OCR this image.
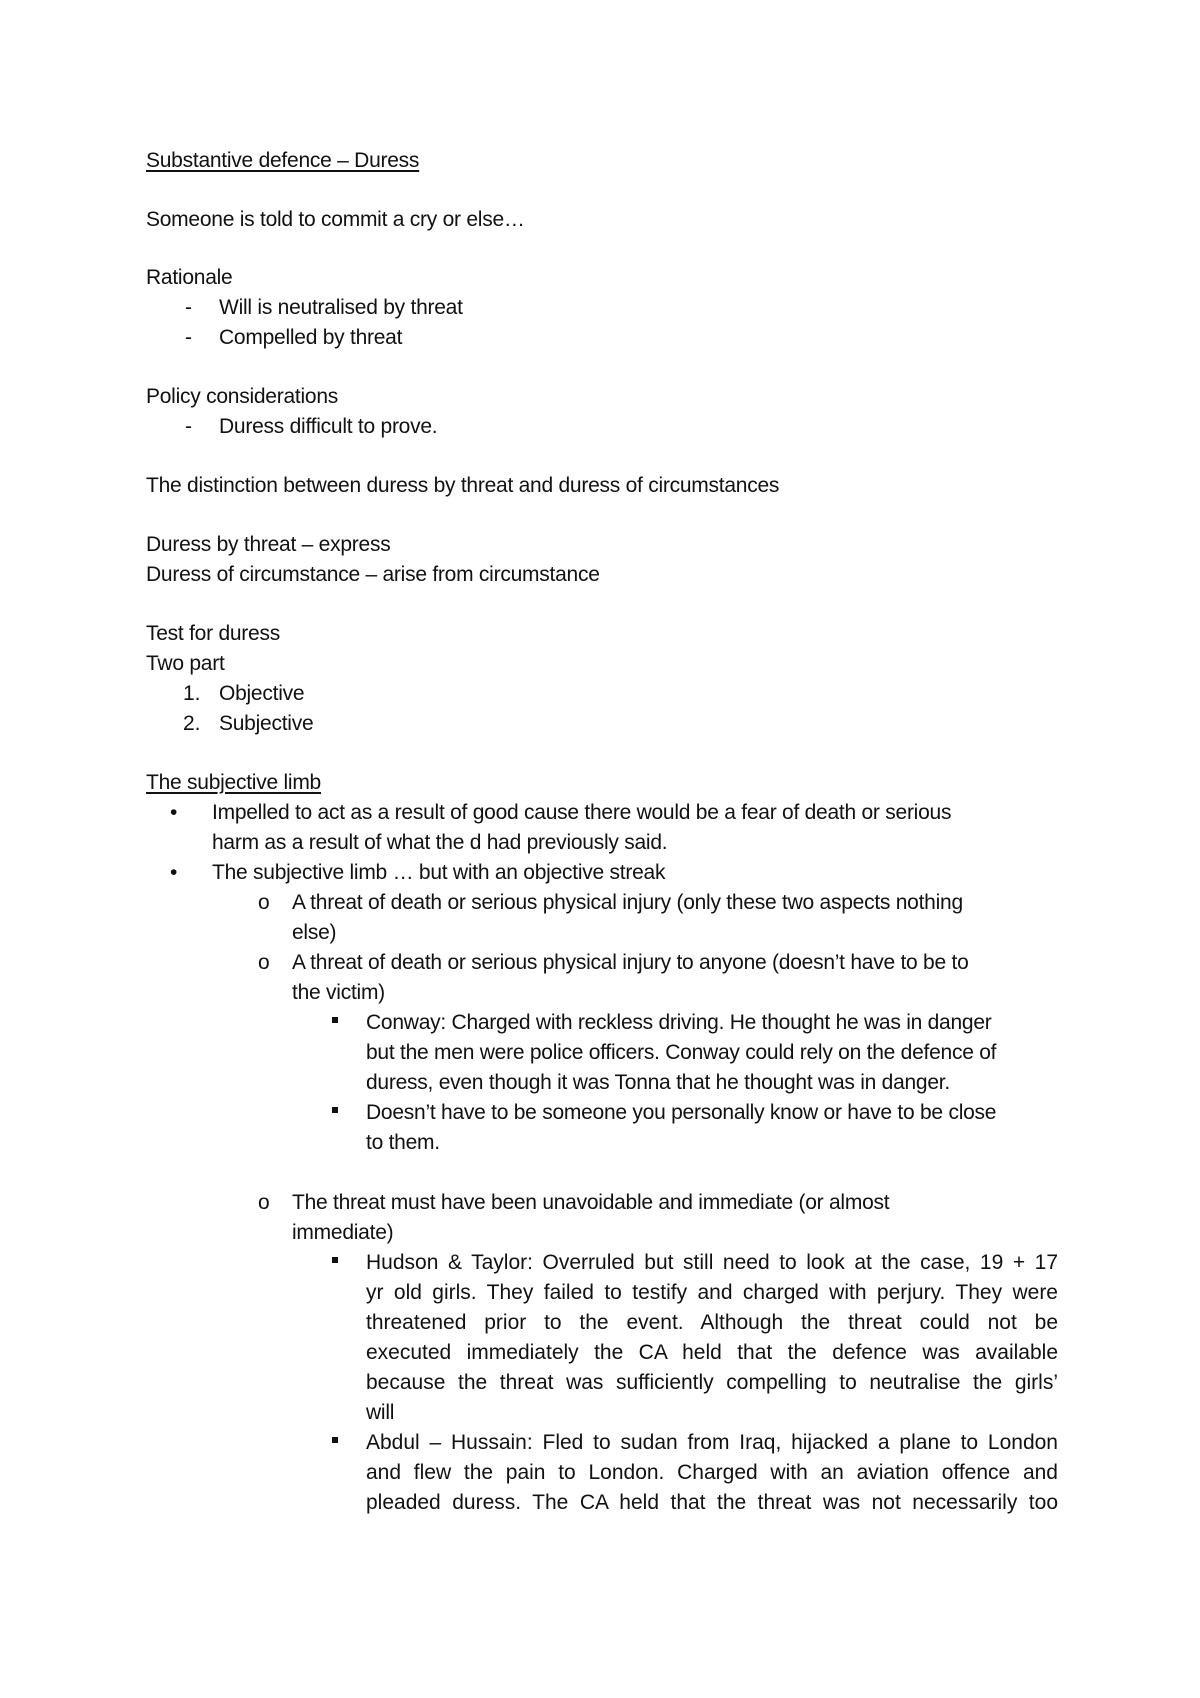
Substantive defence – Duress
Someone is told to commit a cry or else…
Rationale
- Will is neutralised by threat
- Compelled by threat
Policy considerations
- Duress difficult to prove.
The distinction between duress by threat and duress of circumstances
Duress by threat – express
Duress of circumstance – arise from circumstance
Test for duress
Two part
1. Objective
2. Subjective
The subjective limb
• Impelled to act as a result of good cause there would be a fear of death or serious
harm as a result of what the d had previously said.
• The subjective limb … but with an objective streak
o A threat of death or serious physical injury (only these two aspects nothing
else)
o A threat of death or serious physical injury to anyone (doesn’t have to be to
the victim)
Conway: Charged with reckless driving. He thought he was in danger
but the men were police officers. Conway could rely on the defence of
duress, even though it was Tonna that he thought was in danger.
Doesn’t have to be someone you personally know or have to be close
to them.
o The threat must have been unavoidable and immediate (or almost
immediate)
Hudson & Taylor: Overruled but still need to look at the case, 19 + 17
yr old girls. They failed to testify and charged with perjury. They were
threatened prior to the event. Although the threat could not be
executed immediately the CA held that the defence was available
because the threat was sufficiently compelling to neutralise the girls’
will
Abdul – Hussain: Fled to sudan from Iraq, hijacked a plane to London
and flew the pain to London. Charged with an aviation offence and
pleaded duress. The CA held that the threat was not necessarily too
